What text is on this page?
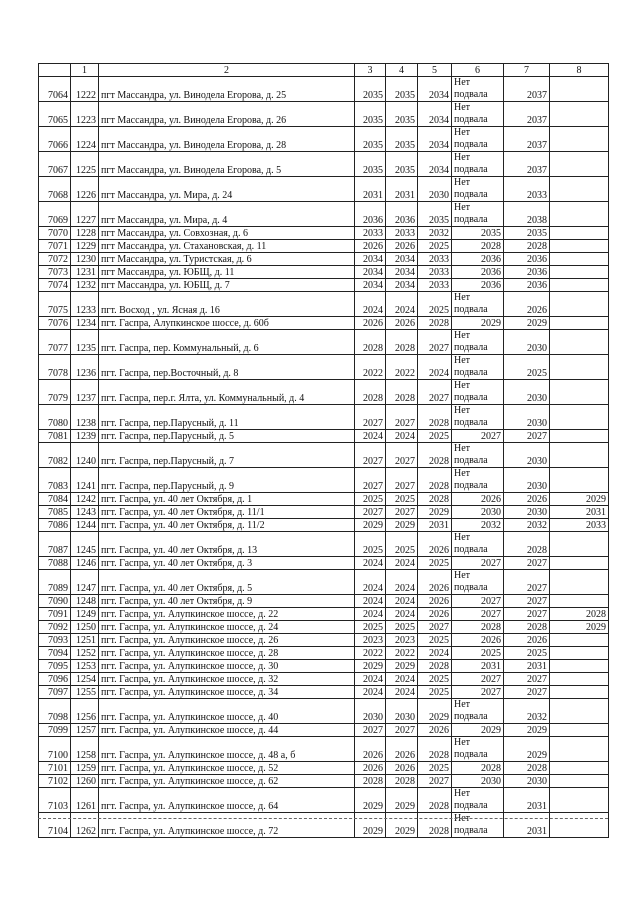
	1	2	3	4	5	6	7	8
7064	1222	пгт Массандра, ул. Винодела Егорова, д. 25	2035	2035	2034	Нет подвала	2037	
7065	1223	пгт Массандра, ул. Винодела Егорова, д. 26	2035	2035	2034	Нет подвала	2037	
7066	1224	пгт Массандра, ул. Винодела Егорова, д. 28	2035	2035	2034	Нет подвала	2037	
7067	1225	пгт Массандра, ул. Винодела Егорова, д. 5	2035	2035	2034	Нет подвала	2037	
7068	1226	пгт Массандра, ул. Мира, д. 24	2031	2031	2030	Нет подвала	2033	
7069	1227	пгт Массандра, ул. Мира, д. 4	2036	2036	2035	Нет подвала	2038	
7070	1228	пгт Массандра, ул. Совхозная, д. 6	2033	2033	2032	2035	2035	
7071	1229	пгт Массандра, ул. Стахановская, д. 11	2026	2026	2025	2028	2028	
7072	1230	пгт Массандра, ул. Туристская, д. 6	2034	2034	2033	2036	2036	
7073	1231	пгт Массандра, ул. ЮБЩ, д. 11	2034	2034	2033	2036	2036	
7074	1232	пгт Массандра, ул. ЮБЩ, д. 7	2034	2034	2033	2036	2036	
7075	1233	пгт. Восход , ул. Ясная д. 16	2024	2024	2025	Нет подвала	2026	
7076	1234	пгт. Гаспра, Алупкинское шоссе, д. 60б	2026	2026	2028	2029	2029	
7077	1235	пгт. Гаспра, пер. Коммунальный, д. 6	2028	2028	2027	Нет подвала	2030	
7078	1236	пгт. Гаспра, пер.Восточный, д. 8	2022	2022	2024	Нет подвала	2025	
7079	1237	пгт. Гаспра, пер.г. Ялта, ул. Коммунальный, д. 4	2028	2028	2027	Нет подвала	2030	
7080	1238	пгт. Гаспра, пер.Парусный, д. 11	2027	2027	2028	Нет подвала	2030	
7081	1239	пгт. Гаспра, пер.Парусный, д. 5	2024	2024	2025	2027	2027	
7082	1240	пгт. Гаспра, пер.Парусный, д. 7	2027	2027	2028	Нет подвала	2030	
7083	1241	пгт. Гаспра, пер.Парусный, д. 9	2027	2027	2028	Нет подвала	2030	
7084	1242	пгт. Гаспра, ул. 40 лет Октября, д. 1	2025	2025	2028	2026	2026	2029
7085	1243	пгт. Гаспра, ул. 40 лет Октября, д. 11/1	2027	2027	2029	2030	2030	2031
7086	1244	пгт. Гаспра, ул. 40 лет Октября, д. 11/2	2029	2029	2031	2032	2032	2033
7087	1245	пгт. Гаспра, ул. 40 лет Октября, д. 13	2025	2025	2026	Нет подвала	2028	
7088	1246	пгт. Гаспра, ул. 40 лет Октября, д. 3	2024	2024	2025	2027	2027	
7089	1247	пгт. Гаспра, ул. 40 лет Октября, д. 5	2024	2024	2026	Нет подвала	2027	
7090	1248	пгт. Гаспра, ул. 40 лет Октября, д. 9	2024	2024	2026	2027	2027	
7091	1249	пгт. Гаспра, ул. Алупкинское шоссе, д. 22	2024	2024	2026	2027	2027	2028
7092	1250	пгт. Гаспра, ул. Алупкинское шоссе, д. 24	2025	2025	2027	2028	2028	2029
7093	1251	пгт. Гаспра, ул. Алупкинское шоссе, д. 26	2023	2023	2025	2026	2026	
7094	1252	пгт. Гаспра, ул. Алупкинское шоссе, д. 28	2022	2022	2024	2025	2025	
7095	1253	пгт. Гаспра, ул. Алупкинское шоссе, д. 30	2029	2029	2028	2031	2031	
7096	1254	пгт. Гаспра, ул. Алупкинское шоссе, д. 32	2024	2024	2025	2027	2027	
7097	1255	пгт. Гаспра, ул. Алупкинское шоссе, д. 34	2024	2024	2025	2027	2027	
7098	1256	пгт. Гаспра, ул. Алупкинское шоссе, д. 40	2030	2030	2029	Нет подвала	2032	
7099	1257	пгт. Гаспра, ул. Алупкинское шоссе, д. 44	2027	2027	2026	2029	2029	
7100	1258	пгт. Гаспра, ул. Алупкинское шоссе, д. 48 а, б	2026	2026	2028	Нет подвала	2029	
7101	1259	пгт. Гаспра, ул. Алупкинское шоссе, д. 52	2026	2026	2025	2028	2028	
7102	1260	пгт. Гаспра, ул. Алупкинское шоссе, д. 62	2028	2028	2027	2030	2030	
7103	1261	пгт. Гаспра, ул. Алупкинское шоссе, д. 64	2029	2029	2028	Нет подвала	2031	
7104	1262	пгт. Гаспра, ул. Алупкинское шоссе, д. 72	2029	2029	2028	Нет подвала	2031	
